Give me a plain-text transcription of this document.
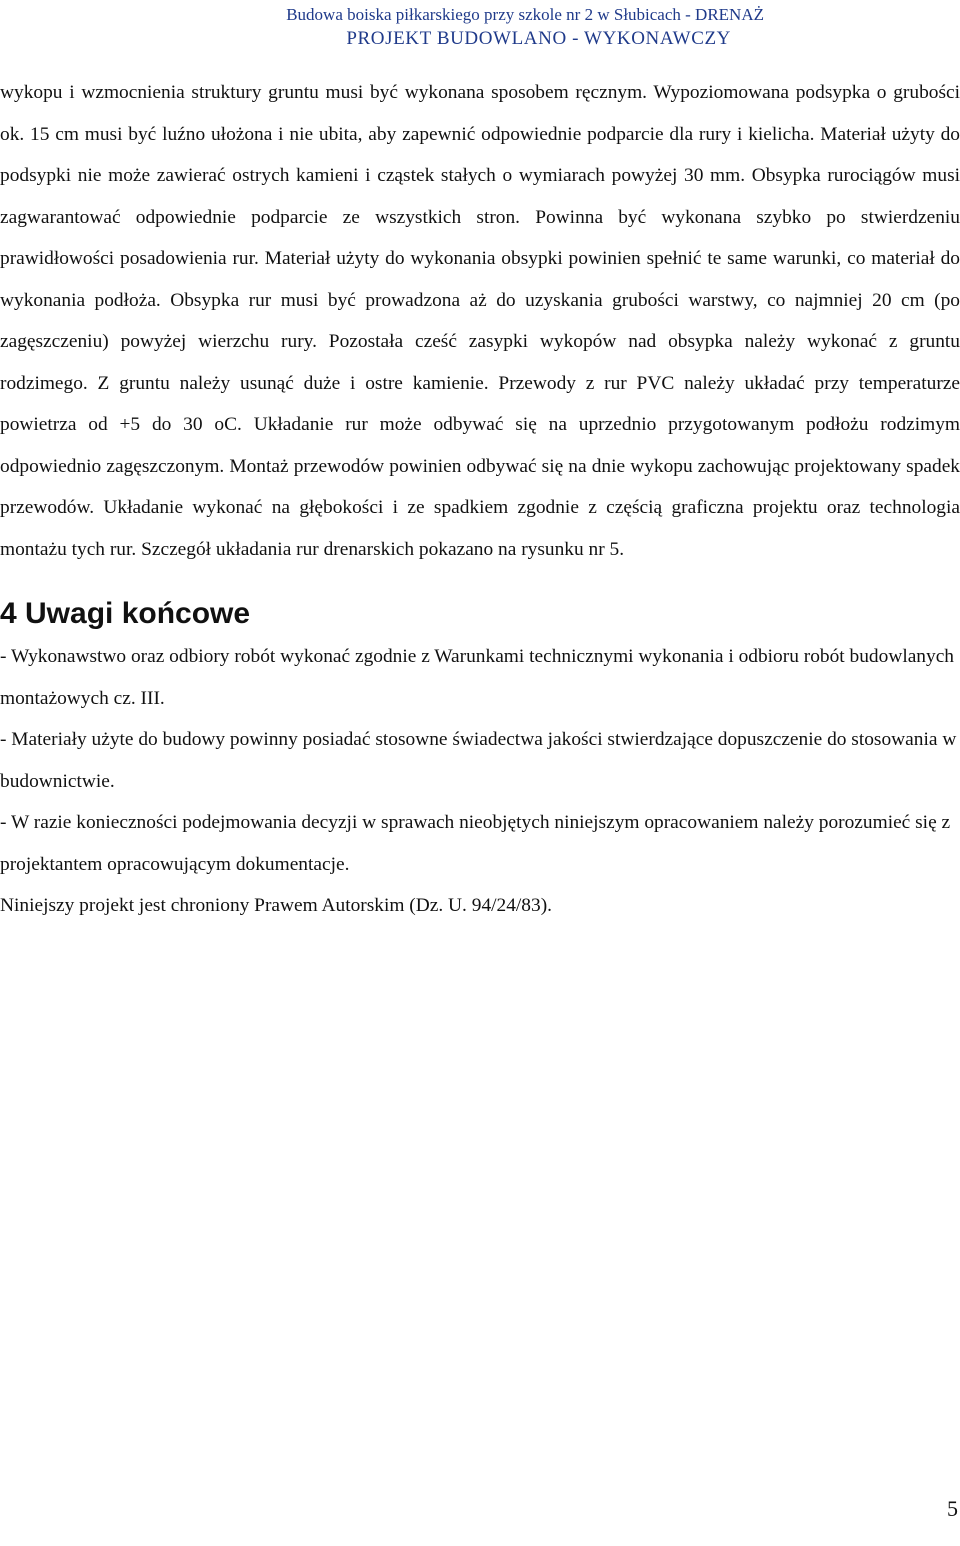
Budowa boiska piłkarskiego przy szkole nr 2 w Słubicach - DRENAŻ
PROJEKT BUDOWLANO - WYKONAWCZY

wykopu i wzmocnienia struktury gruntu musi być wykonana sposobem ręcznym. Wypoziomowana podsypka o grubości ok. 15 cm musi być luźno ułożona i nie ubita, aby zapewnić odpowiednie podparcie dla rury i kielicha. Materiał użyty do podsypki nie może zawierać ostrych kamieni i cząstek stałych o wymiarach powyżej 30 mm. Obsypka rurociągów musi zagwarantować odpowiednie podparcie ze wszystkich stron. Powinna być wykonana szybko po stwierdzeniu prawidłowości posadowienia rur. Materiał użyty do wykonania obsypki powinien spełnić te same warunki, co materiał do wykonania podłoża. Obsypka rur musi być prowadzona aż do uzyskania grubości warstwy, co najmniej 20 cm (po zagęszczeniu) powyżej wierzchu rury. Pozostała cześć zasypki wykopów nad obsypka należy wykonać z gruntu rodzimego. Z gruntu należy usunąć duże i ostre kamienie. Przewody z rur PVC należy układać przy temperaturze powietrza od +5 do 30 oC. Układanie rur może odbywać się na uprzednio przygotowanym podłożu rodzimym odpowiednio zagęszczonym. Montaż przewodów powinien odbywać się na dnie wykopu zachowując projektowany spadek przewodów. Układanie wykonać na głębokości i ze spadkiem zgodnie z częścią graficzna projektu oraz technologia montażu tych rur. Szczegół układania rur drenarskich pokazano na rysunku nr 5.

4 Uwagi końcowe

- Wykonawstwo oraz odbiory robót wykonać zgodnie z Warunkami technicznymi wykonania i odbioru robót budowlanych montażowych cz. III.

- Materiały użyte do budowy powinny posiadać stosowne świadectwa jakości stwierdzające dopuszczenie do stosowania w budownictwie.

- W razie konieczności podejmowania decyzji w sprawach nieobjętych niniejszym opracowaniem należy porozumieć się z projektantem opracowującym dokumentacje.

Niniejszy projekt jest chroniony Prawem Autorskim (Dz. U. 94/24/83).

5
